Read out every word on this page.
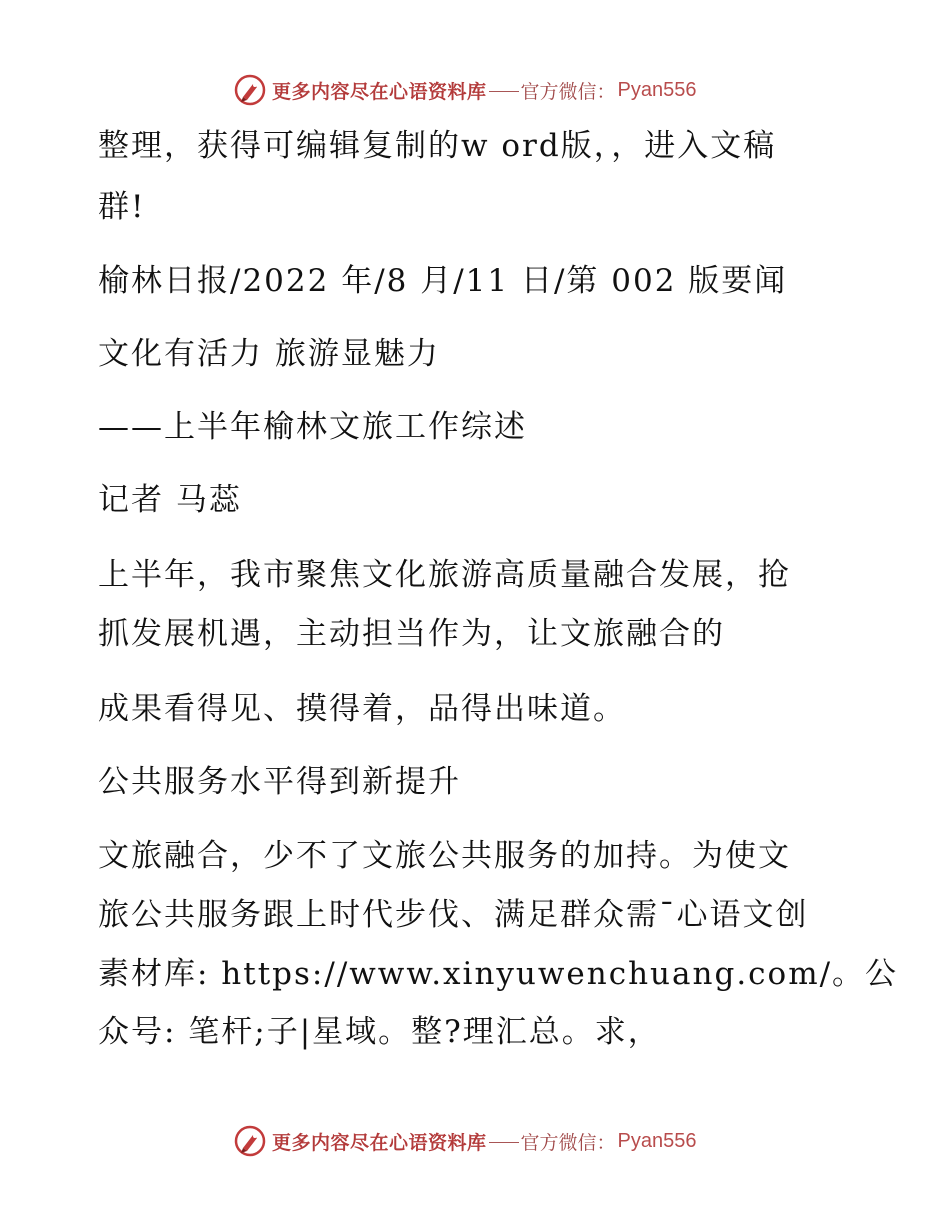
更多内容尽在心语资料库 官方微信： Pyan556
整理，获得可编辑复制的w ord版，，进入文稿
群!
榆林日报/2022 年/8 月/11 日/第 002 版要闻
文化有活力 旅游显魅力
——上半年榆林文旅工作综述
记者 马蕊
上半年，我市聚焦文化旅游高质量融合发展，抢
抓发展机遇，主动担当作为，让文旅融合的
成果看得见、摸得着，品得出味道。
公共服务水平得到新提升
文旅融合，少不了文旅公共服务的加持。为使文
旅公共服务跟上时代步伐、满足群众需¯心语文创
素材库: https://www.xinyuwenchuang.com/。公
众号: 笔杆;子|星域。整?理汇总。求，
更多内容尽在心语资料库 官方微信： Pyan556
